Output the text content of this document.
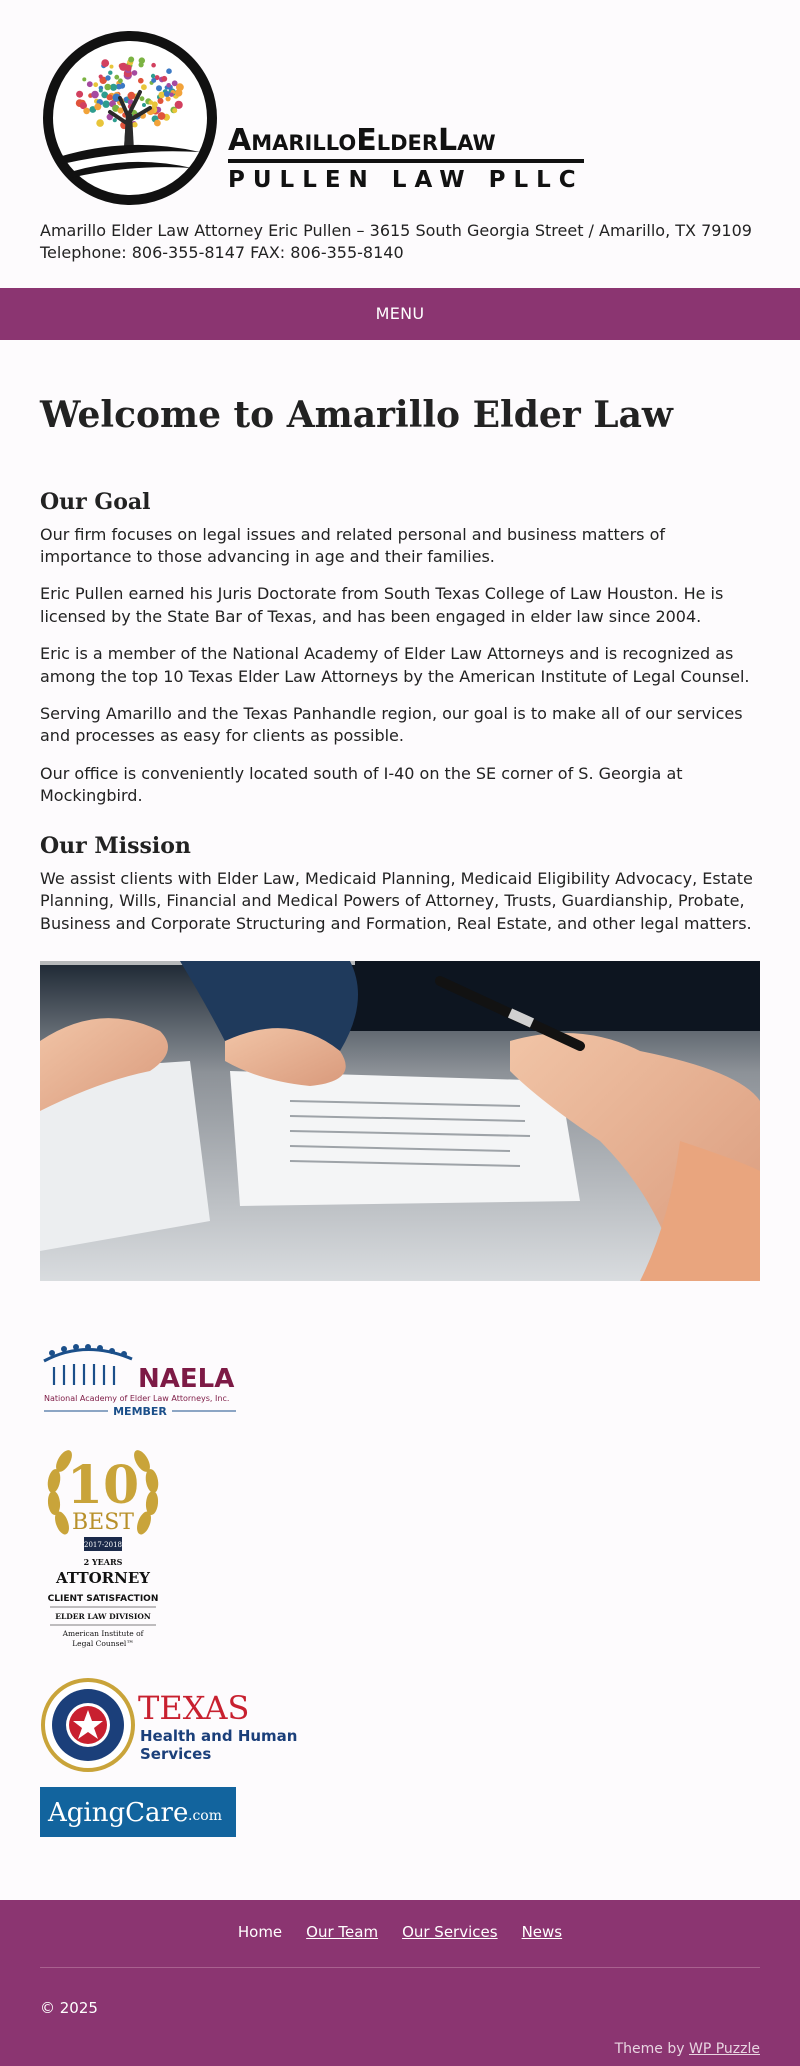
AmarilloElderLaw
PULLEN LAW PLLC
Amarillo Elder Law Attorney Eric Pullen – 3615 South Georgia Street / Amarillo, TX 79109
Telephone: 806-355-8147 FAX: 806-355-8140
MENU
Welcome to Amarillo Elder Law
Our Goal

Our firm focuses on legal issues and related personal and business matters of importance to those advancing in age and their families.

Eric Pullen earned his Juris Doctorate from South Texas College of Law Houston. He is licensed by the State Bar of Texas, and has been engaged in elder law since 2004.

Eric is a member of the National Academy of Elder Law Attorneys and is recognized as among the top 10 Texas Elder Law Attorneys by the American Institute of Legal Counsel.

Serving Amarillo and the Texas Panhandle region, our goal is to make all of our services and processes as easy for clients as possible.

Our office is conveniently located south of I-40 on the SE corner of S. Georgia at Mockingbird.

Our Mission

We assist clients with Elder Law, Medicaid Planning, Medicaid Eligibility Advocacy, Estate Planning, Wills, Financial and Medical Powers of Attorney, Trusts, Guardianship, Probate, Business and Corporate Structuring and Formation, Real Estate, and other legal matters.

NAELA
National Academy of Elder Law Attorneys, Inc.
MEMBER
10
BEST
2017-2018
2 YEARS
ATTORNEY
CLIENT SATISFACTION
ELDER LAW DIVISION
American Institute of
Legal Counsel™
TEXAS
Health and Human
Services
AgingCare .com
Home Our Team Our Services News
© 2025
Theme by WP Puzzle
